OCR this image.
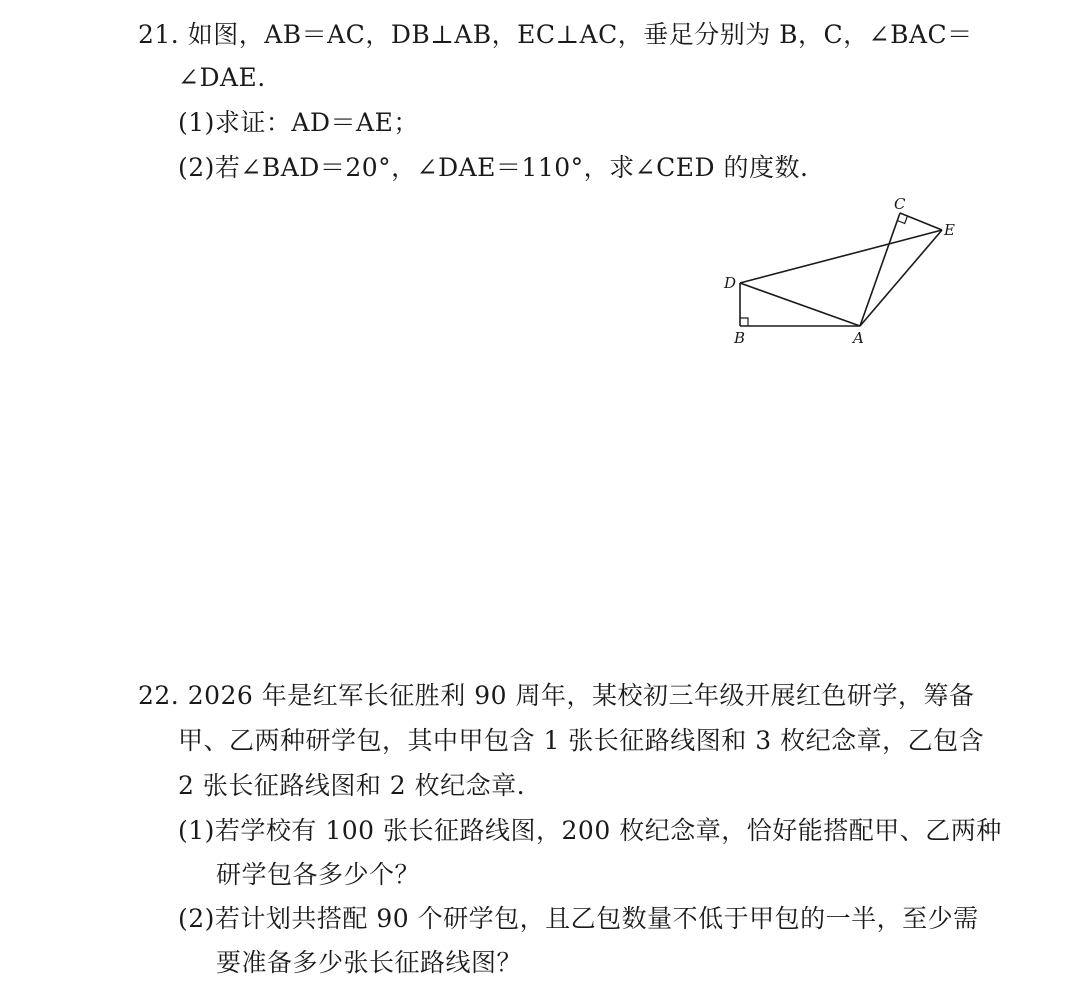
21. 如图，AB＝AC，DB⊥AB，EC⊥AC，垂足分别为 B，C，∠BAC＝
∠DAE.
(1)求证：AD＝AE；
(2)若∠BAD＝20°，∠DAE＝110°，求∠CED 的度数.
D
B	A
C
E
22. 2026 年是红军长征胜利 90 周年，某校初三年级开展红色研学，筹备
甲、乙两种研学包，其中甲包含 1 张长征路线图和 3 枚纪念章，乙包含
2 张长征路线图和 2 枚纪念章.
(1)若学校有 100 张长征路线图，200 枚纪念章，恰好能搭配甲、乙两种
研学包各多少个？
(2)若计划共搭配 90 个研学包，且乙包数量不低于甲包的一半，至少需
要准备多少张长征路线图？
